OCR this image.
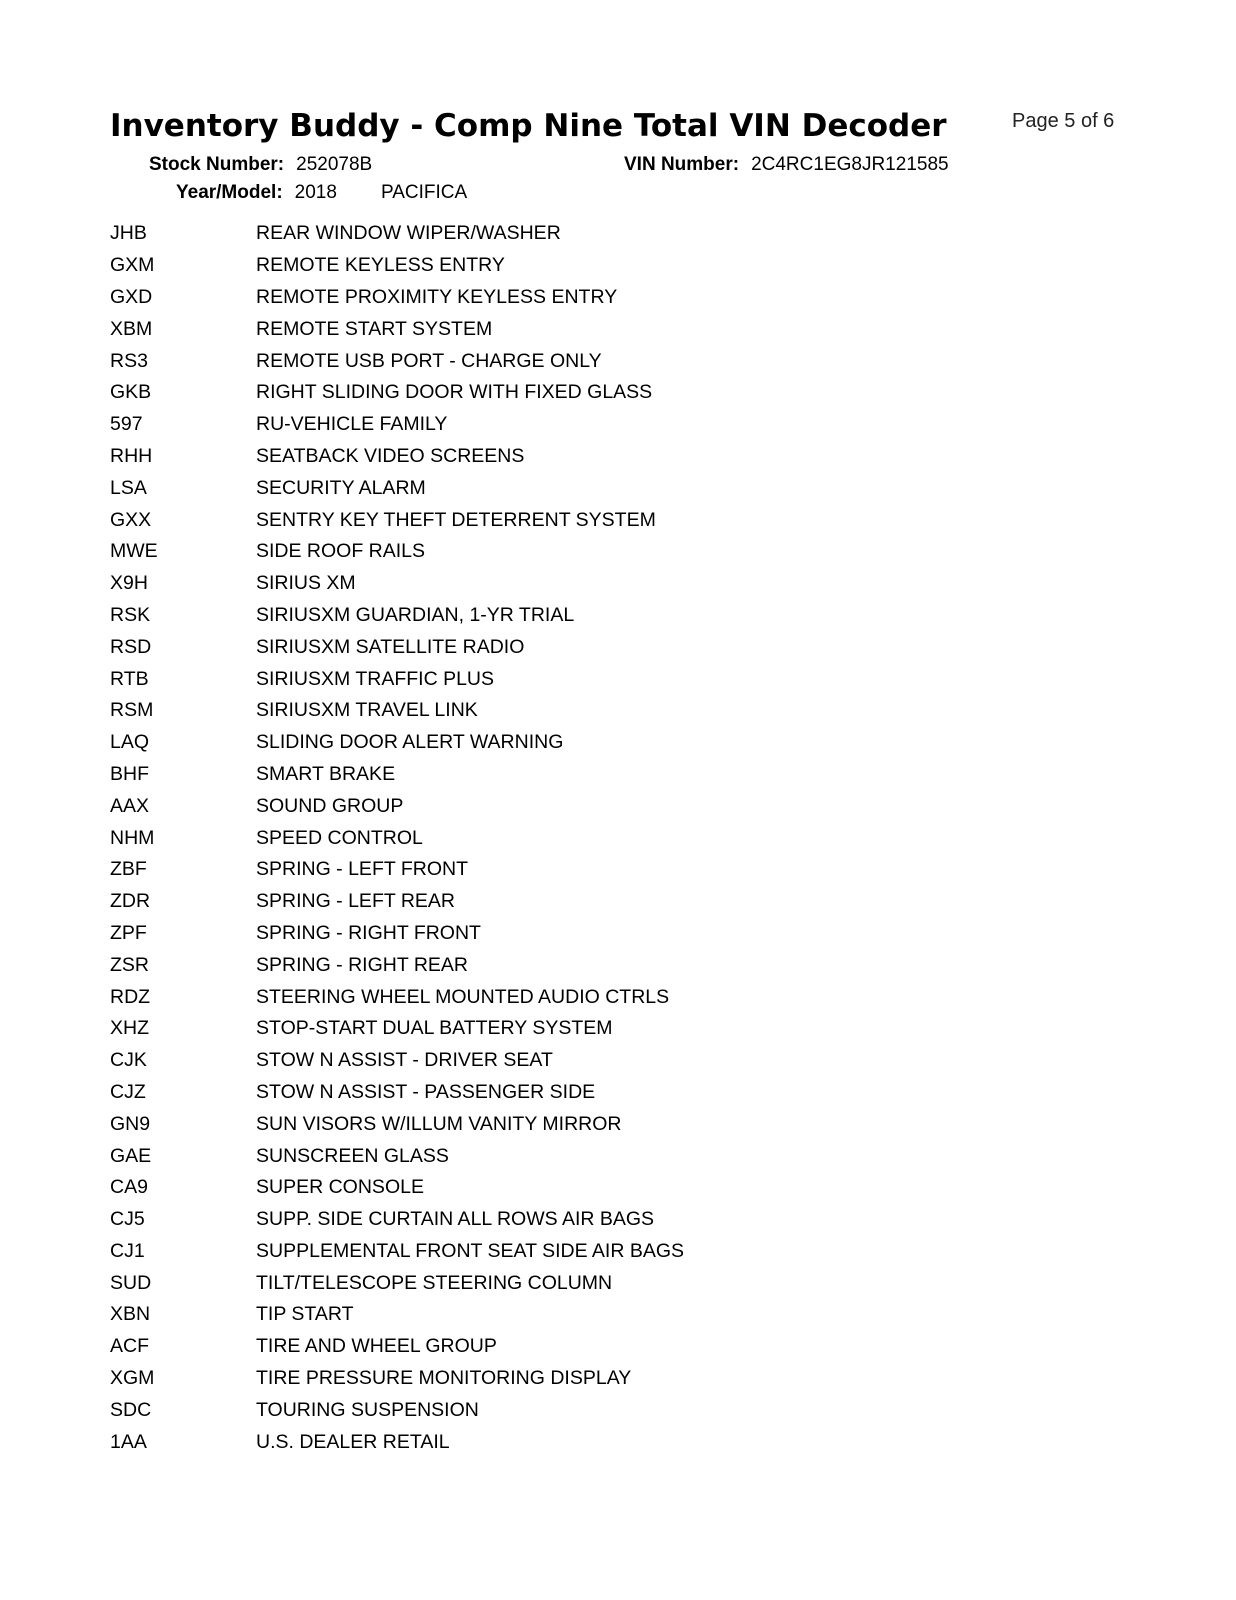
Inventory Buddy - Comp Nine Total VIN Decoder	Page 5 of 6
Stock Number: 252078B	VIN Number: 2C4RC1EG8JR121585
Year/Model: 2018 PACIFICA
JHB	REAR WINDOW WIPER/WASHER
GXM	REMOTE KEYLESS ENTRY
GXD	REMOTE PROXIMITY KEYLESS ENTRY
XBM	REMOTE START SYSTEM
RS3	REMOTE USB PORT - CHARGE ONLY
GKB	RIGHT SLIDING DOOR WITH FIXED GLASS
597	RU-VEHICLE FAMILY
RHH	SEATBACK VIDEO SCREENS
LSA	SECURITY ALARM
GXX	SENTRY KEY THEFT DETERRENT SYSTEM
MWE	SIDE ROOF RAILS
X9H	SIRIUS XM
RSK	SIRIUSXM GUARDIAN, 1-YR TRIAL
RSD	SIRIUSXM SATELLITE RADIO
RTB	SIRIUSXM TRAFFIC PLUS
RSM	SIRIUSXM TRAVEL LINK
LAQ	SLIDING DOOR ALERT WARNING
BHF	SMART BRAKE
AAX	SOUND GROUP
NHM	SPEED CONTROL
ZBF	SPRING - LEFT FRONT
ZDR	SPRING - LEFT REAR
ZPF	SPRING - RIGHT FRONT
ZSR	SPRING - RIGHT REAR
RDZ	STEERING WHEEL MOUNTED AUDIO CTRLS
XHZ	STOP-START DUAL BATTERY SYSTEM
CJK	STOW N ASSIST - DRIVER SEAT
CJZ	STOW N ASSIST - PASSENGER SIDE
GN9	SUN VISORS W/ILLUM VANITY MIRROR
GAE	SUNSCREEN GLASS
CA9	SUPER CONSOLE
CJ5	SUPP. SIDE CURTAIN ALL ROWS AIR BAGS
CJ1	SUPPLEMENTAL FRONT SEAT SIDE AIR BAGS
SUD	TILT/TELESCOPE STEERING COLUMN
XBN	TIP START
ACF	TIRE AND WHEEL GROUP
XGM	TIRE PRESSURE MONITORING DISPLAY
SDC	TOURING SUSPENSION
1AA	U.S. DEALER RETAIL
